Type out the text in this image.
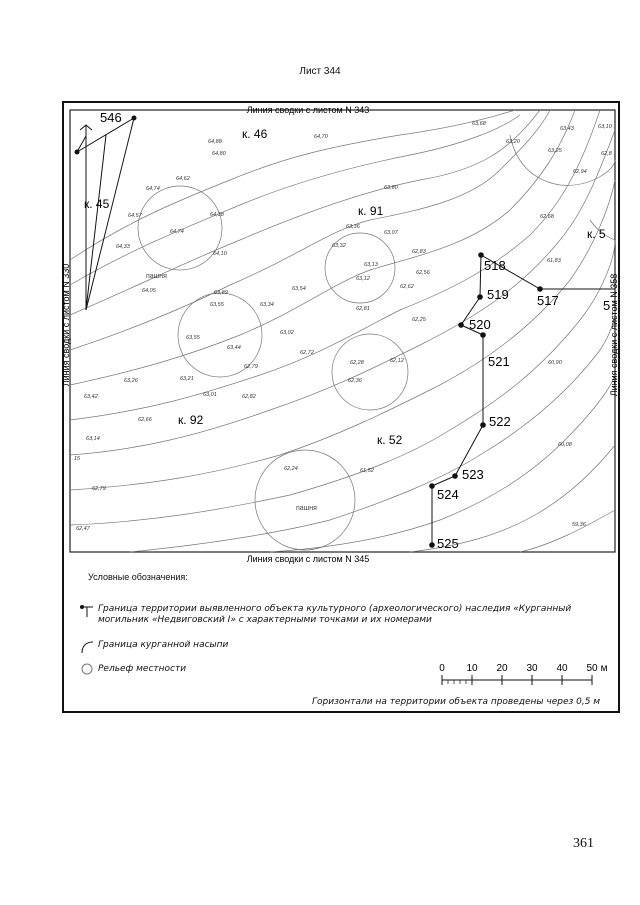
Лист 344
Линия сводки с листом N 343
Линия сводки с листом N 345
Линия сводки с листом N 330	Линия сводки с листом N 358
к. 46
к. 45	к. 91
к. 92
к. 52
к. 5
пашня
пашня
518
519 517
520
521
522
523
524
525
546
5
64,88
64,80
64,70
63,68
63,43	63,10
63,20
63,25	62,8
64,62
64,74
64,57	64,38
64,74
64,33
64,10
64,05
63,80
62,94
62,68
63,36
63,07
63,32
63,13
62,83
62,56
63,12
62,62
61,83
63,89
63,55	63,34
63,54
62,81
62,25
63,55
63,44
63,02
62,72
62,79
63,26	63,21
63,01	62,82
62,28	62,12
62,36
63,42
62,66
60,90
63,14
61,52
62,24
60,08
62,79
59,36
62,47
15
Условные обозначения:
Граница территории выявленного объекта культурного (археологического) наследия «Курганный могильник «Недвиговский I» с характерными точками и их номерами
Граница курганной насыпи
Рельеф местности	0 10 20 30 40 50 м
Горизонтали на территории объекта проведены через 0,5 м
361
